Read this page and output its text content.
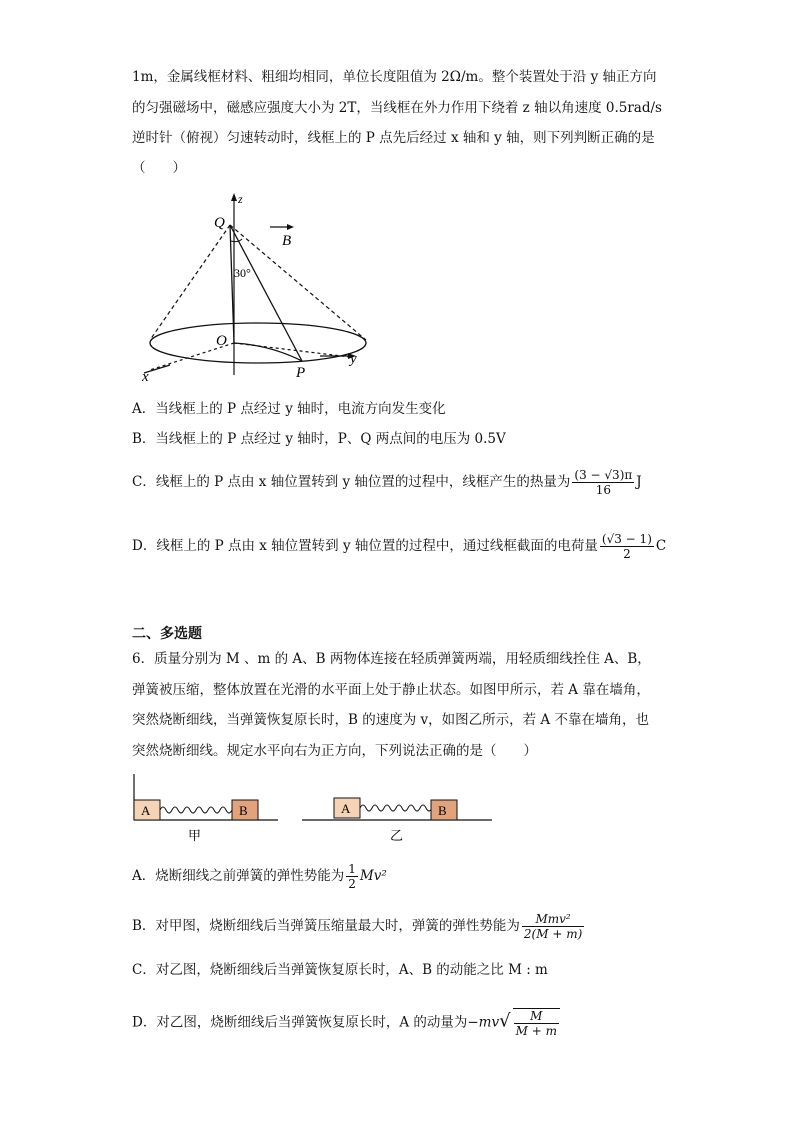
1m，金属线框材料、粗细均相同，单位长度阻值为 2Ω/m。整个装置处于沿 y 轴正方向
的匀强磁场中，磁感应强度大小为 2T，当线框在外力作用下绕着 z 轴以角速度 0.5rad/s
逆时针（俯视）匀速转动时，线框上的 P 点先后经过 x 轴和 y 轴，则下列判断正确的是
（　　）
z
Q
B
30°
O
y
x	P
A．当线框上的 P 点经过 y 轴时，电流方向发生变化
B．当线框上的 P 点经过 y 轴时，P、Q 两点间的电压为 0.5V
C．线框上的 P 点由 x 轴位置转到 y 轴位置的过程中，线框产生的热量为 $\frac{(3 - √3)\pi}{16}$ J
D．线框上的 P 点由 x 轴位置转到 y 轴位置的过程中，通过线框截面的电荷量 $\frac{(√3 - 1)}{2}$ C
二、多选题
6．质量分别为 M 、m 的 A、B 两物体连接在轻质弹簧两端，用轻质细线拴住 A、B，
弹簧被压缩，整体放置在光滑的水平面上处于静止状态。如图甲所示，若 A 靠在墙角，
突然烧断细线，当弹簧恢复原长时，B 的速度为 v，如图乙所示，若 A 不靠在墙角，也
突然烧断细线。规定水平向右为正方向，下列说法正确的是（　　）
A	B
甲
A	B
乙
A．烧断细线之前弹簧的弹性势能为 $\frac{1}{2} Mv^2$
B．对甲图，烧断细线后当弹簧压缩量最大时，弹簧的弹性势能为 $\frac{\text{Mmv²}}{2(M + m)}$
C．对乙图，烧断细线后当弹簧恢复原长时，A、B 的动能之比 M : m
D．对乙图，烧断细线后当弹簧恢复原长时，A 的动量为$-mv√ \frac{M}{M + m}$
